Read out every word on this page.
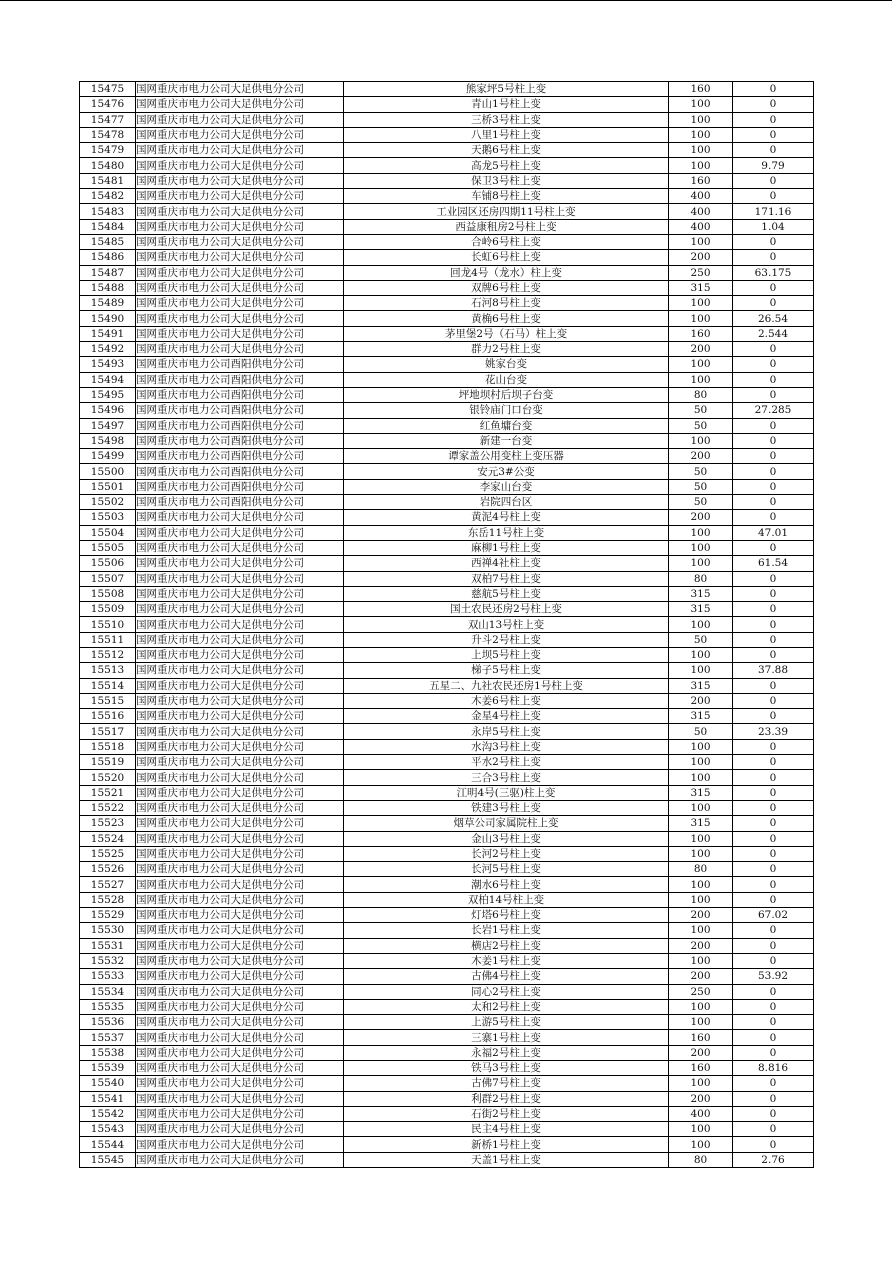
15475	国网重庆市电力公司大足供电分公司	熊家坪5号柱上变	160	0
15476	国网重庆市电力公司大足供电分公司	青山1号柱上变	100	0
15477	国网重庆市电力公司大足供电分公司	三桥3号柱上变	100	0
15478	国网重庆市电力公司大足供电分公司	八里1号柱上变	100	0
15479	国网重庆市电力公司大足供电分公司	天鹅6号柱上变	100	0
15480	国网重庆市电力公司大足供电分公司	高龙5号柱上变	100	9.79
15481	国网重庆市电力公司大足供电分公司	保卫3号柱上变	160	0
15482	国网重庆市电力公司大足供电分公司	车铺8号柱上变	400	0
15483	国网重庆市电力公司大足供电分公司	工业园区还房四期11号柱上变	400	171.16
15484	国网重庆市电力公司大足供电分公司	西益康租房2号柱上变	400	1.04
15485	国网重庆市电力公司大足供电分公司	合岭6号柱上变	100	0
15486	国网重庆市电力公司大足供电分公司	长虹6号柱上变	200	0
15487	国网重庆市电力公司大足供电分公司	回龙4号（龙水）柱上变	250	63.175
15488	国网重庆市电力公司大足供电分公司	双牌6号柱上变	315	0
15489	国网重庆市电力公司大足供电分公司	石河8号柱上变	100	0
15490	国网重庆市电力公司大足供电分公司	黄桷6号柱上变	100	26.54
15491	国网重庆市电力公司大足供电分公司	茅里堡2号（石马）柱上变	160	2.544
15492	国网重庆市电力公司大足供电分公司	群力2号柱上变	200	0
15493	国网重庆市电力公司酉阳供电分公司	姚家台变	100	0
15494	国网重庆市电力公司酉阳供电分公司	花山台变	100	0
15495	国网重庆市电力公司酉阳供电分公司	坪地坝村后坝子台变	80	0
15496	国网重庆市电力公司酉阳供电分公司	银铃庙门口台变	50	27.285
15497	国网重庆市电力公司酉阳供电分公司	红鱼墉台变	50	0
15498	国网重庆市电力公司酉阳供电分公司	新建一台变	100	0
15499	国网重庆市电力公司酉阳供电分公司	谭家盖公用变柱上变压器	200	0
15500	国网重庆市电力公司酉阳供电分公司	安元3#公变	50	0
15501	国网重庆市电力公司酉阳供电分公司	李家山台变	50	0
15502	国网重庆市电力公司酉阳供电分公司	岩院四台区	50	0
15503	国网重庆市电力公司大足供电分公司	黄泥4号柱上变	200	0
15504	国网重庆市电力公司大足供电分公司	东岳11号柱上变	100	47.01
15505	国网重庆市电力公司大足供电分公司	麻柳1号柱上变	100	0
15506	国网重庆市电力公司大足供电分公司	西禅4社柱上变	100	61.54
15507	国网重庆市电力公司大足供电分公司	双柏7号柱上变	80	0
15508	国网重庆市电力公司大足供电分公司	慈航5号柱上变	315	0
15509	国网重庆市电力公司大足供电分公司	国土农民还房2号柱上变	315	0
15510	国网重庆市电力公司大足供电分公司	双山13号柱上变	100	0
15511	国网重庆市电力公司大足供电分公司	升斗2号柱上变	50	0
15512	国网重庆市电力公司大足供电分公司	上坝5号柱上变	100	0
15513	国网重庆市电力公司大足供电分公司	梯子5号柱上变	100	37.88
15514	国网重庆市电力公司大足供电分公司	五星二、九社农民还房1号柱上变	315	0
15515	国网重庆市电力公司大足供电分公司	木姜6号柱上变	200	0
15516	国网重庆市电力公司大足供电分公司	金星4号柱上变	315	0
15517	国网重庆市电力公司大足供电分公司	永岸5号柱上变	50	23.39
15518	国网重庆市电力公司大足供电分公司	水沟3号柱上变	100	0
15519	国网重庆市电力公司大足供电分公司	平水2号柱上变	100	0
15520	国网重庆市电力公司大足供电分公司	三合3号柱上变	100	0
15521	国网重庆市电力公司大足供电分公司	江明4号(三驱)柱上变	315	0
15522	国网重庆市电力公司大足供电分公司	铁建3号柱上变	100	0
15523	国网重庆市电力公司大足供电分公司	烟草公司家属院柱上变	315	0
15524	国网重庆市电力公司大足供电分公司	金山3号柱上变	100	0
15525	国网重庆市电力公司大足供电分公司	长河2号柱上变	100	0
15526	国网重庆市电力公司大足供电分公司	长河5号柱上变	80	0
15527	国网重庆市电力公司大足供电分公司	潮水6号柱上变	100	0
15528	国网重庆市电力公司大足供电分公司	双柏14号柱上变	100	0
15529	国网重庆市电力公司大足供电分公司	灯塔6号柱上变	200	67.02
15530	国网重庆市电力公司大足供电分公司	长岩1号柱上变	100	0
15531	国网重庆市电力公司大足供电分公司	横店2号柱上变	200	0
15532	国网重庆市电力公司大足供电分公司	木姜1号柱上变	100	0
15533	国网重庆市电力公司大足供电分公司	古佛4号柱上变	200	53.92
15534	国网重庆市电力公司大足供电分公司	同心2号柱上变	250	0
15535	国网重庆市电力公司大足供电分公司	太和2号柱上变	100	0
15536	国网重庆市电力公司大足供电分公司	上游5号柱上变	100	0
15537	国网重庆市电力公司大足供电分公司	三寨1号柱上变	160	0
15538	国网重庆市电力公司大足供电分公司	永福2号柱上变	200	0
15539	国网重庆市电力公司大足供电分公司	铁马3号柱上变	160	8.816
15540	国网重庆市电力公司大足供电分公司	古佛7号柱上变	100	0
15541	国网重庆市电力公司大足供电分公司	利群2号柱上变	200	0
15542	国网重庆市电力公司大足供电分公司	石街2号柱上变	400	0
15543	国网重庆市电力公司大足供电分公司	民主4号柱上变	100	0
15544	国网重庆市电力公司大足供电分公司	新桥1号柱上变	100	0
15545	国网重庆市电力公司大足供电分公司	天盖1号柱上变	80	2.76
